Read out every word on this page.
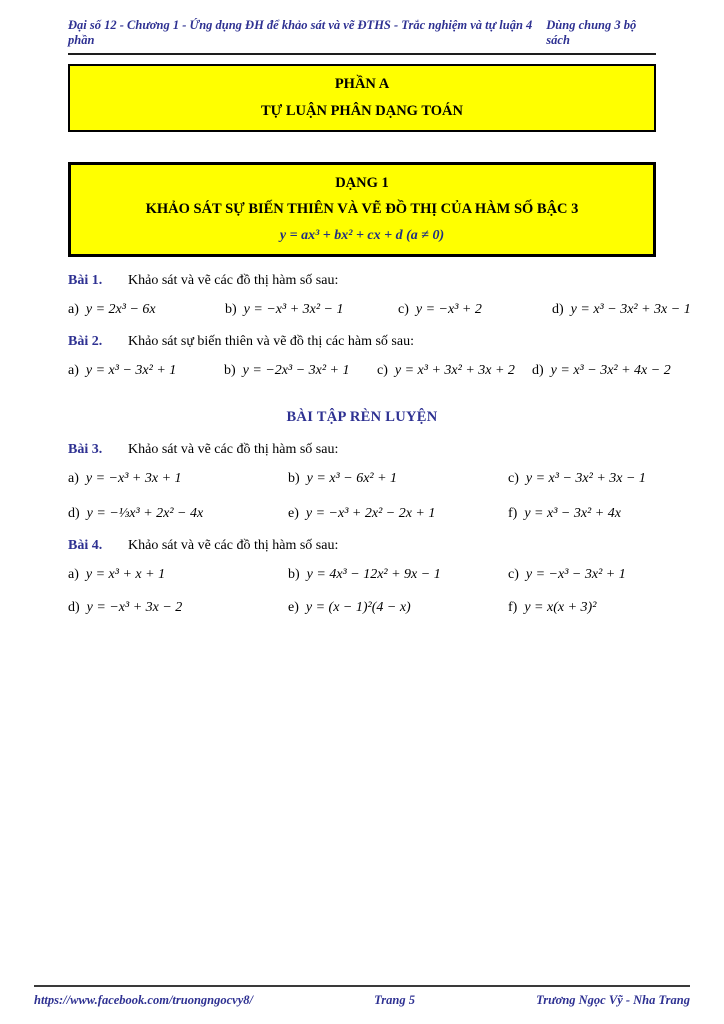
Đại số 12 - Chương 1 - Ứng dụng ĐH để khảo sát và vẽ ĐTHS - Trắc nghiệm và tự luận 4 phần
Dùng chung 3 bộ sách
PHẦN A
TỰ LUẬN PHÂN DẠNG TOÁN
DẠNG 1
KHẢO SÁT SỰ BIẾN THIÊN VÀ VẼ ĐỒ THỊ CỦA HÀM SỐ BẬC 3
y = ax³ + bx² + cx + d (a ≠ 0)
Bài 1. Khảo sát và vẽ các đồ thị hàm số sau:
a) y = 2x³ − 6x	b) y = −x³ + 3x² − 1	c) y = −x³ + 2	d) y = x³ − 3x² + 3x − 1
Bài 2. Khảo sát sự biến thiên và vẽ đồ thị các hàm số sau:
a) y = x³ − 3x² + 1	b) y = −2x³ − 3x² + 1	c) y = x³ + 3x² + 3x + 2	d) y = x³ − 3x² + 4x − 2
BÀI TẬP RÈN LUYỆN
Bài 3. Khảo sát và vẽ các đồ thị hàm số sau:
a) y = −x³ + 3x + 1	b) y = x³ − 6x² + 1	c) y = x³ − 3x² + 3x − 1
d) y = −⅓x³ + 2x² − 4x	e) y = −x³ + 2x² − 2x + 1	f) y = x³ − 3x² + 4x
Bài 4. Khảo sát và vẽ các đồ thị hàm số sau:
a) y = x³ + x + 1	b) y = 4x³ − 12x² + 9x − 1	c) y = −x³ − 3x² + 1
d) y = −x³ + 3x − 2	e) y = (x − 1)²(4 − x)	f) y = x(x + 3)²
https://www.facebook.com/truongngocvy8/	Trang 5	Trương Ngọc Vỹ - Nha Trang
